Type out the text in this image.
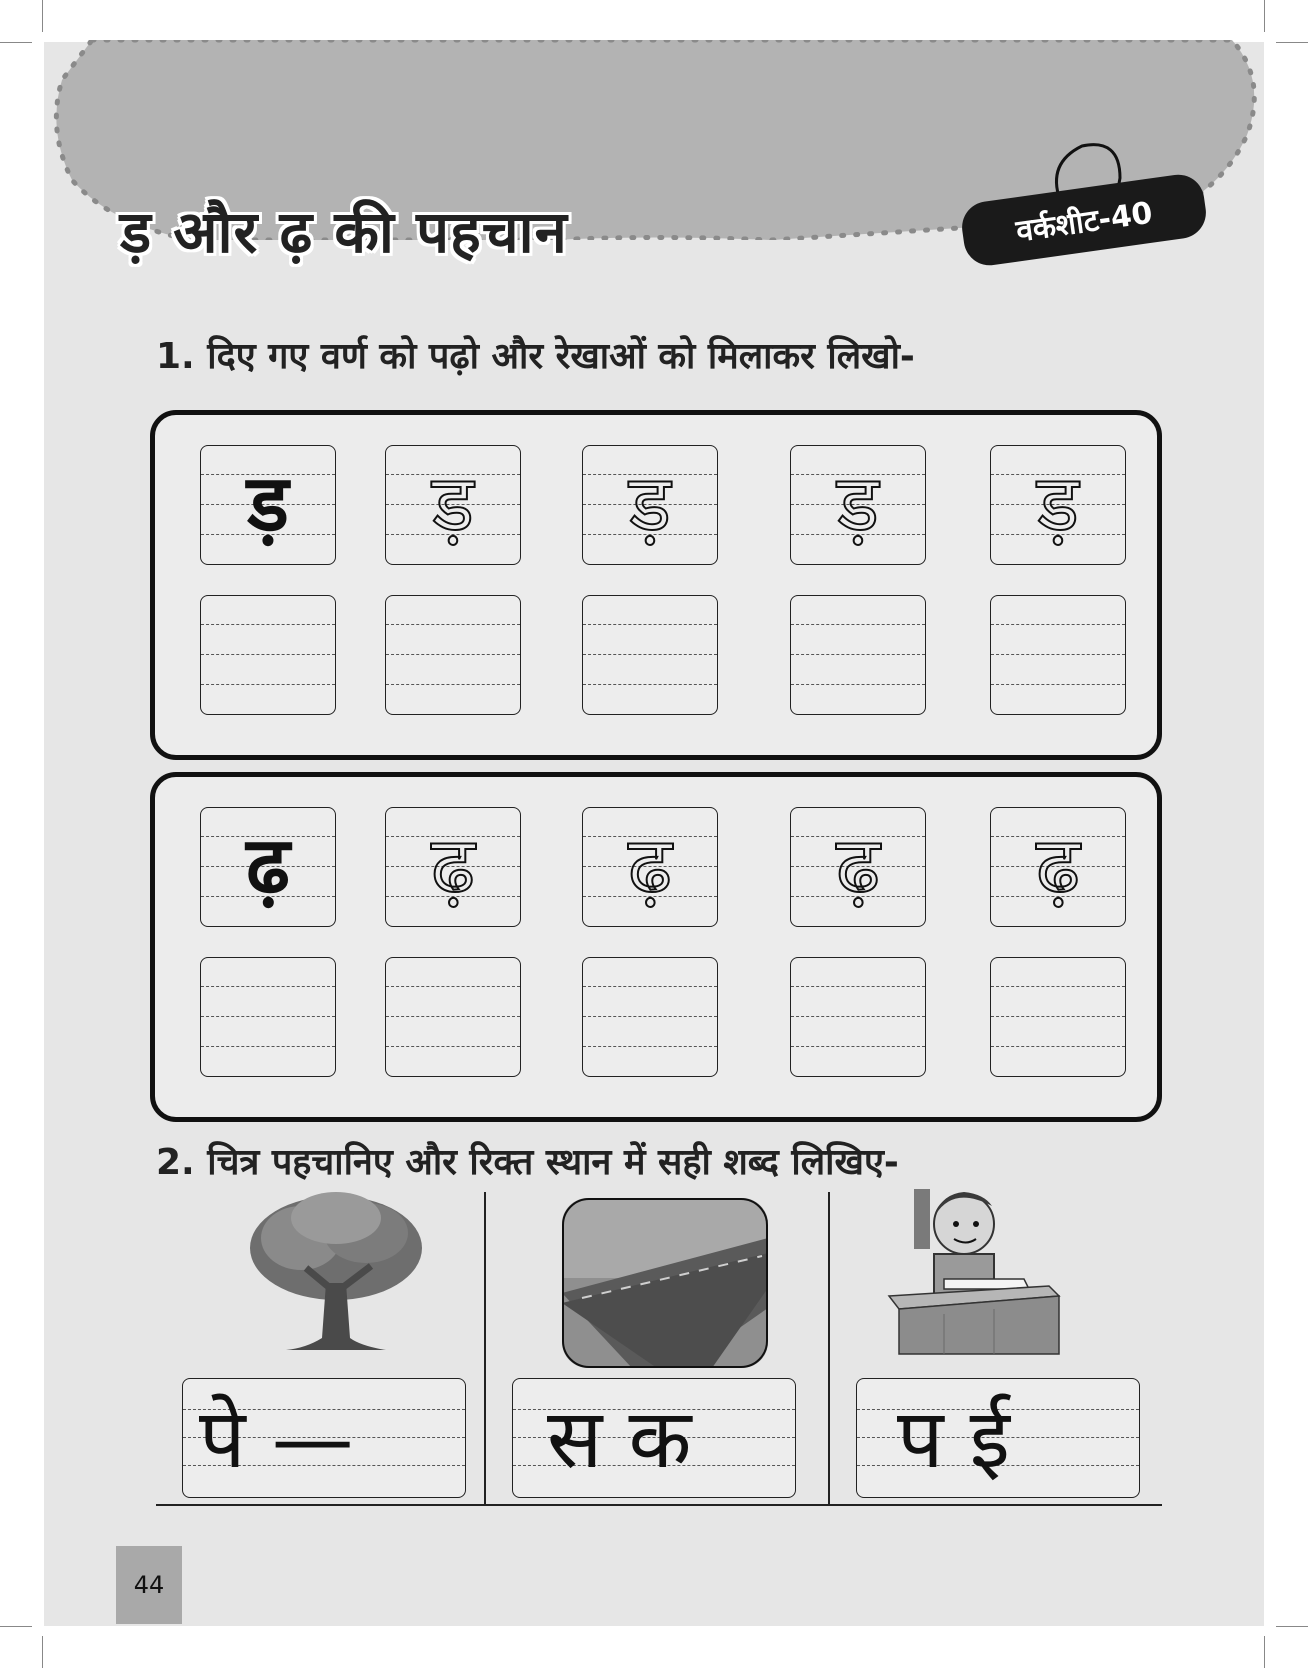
ड़ और ढ़ की पहचान	वर्कशीट-40
1. दिए गए वर्ण को पढ़ो और रेखाओं को मिलाकर लिखो-
ड़	ड़	ड़	ड़	ड़
ढ़	ढ़	ढ़	ढ़	ढ़
2. चित्र पहचानिए और रिक्त स्थान में सही शब्द लिखिए-
पे — स क	प ई
44
